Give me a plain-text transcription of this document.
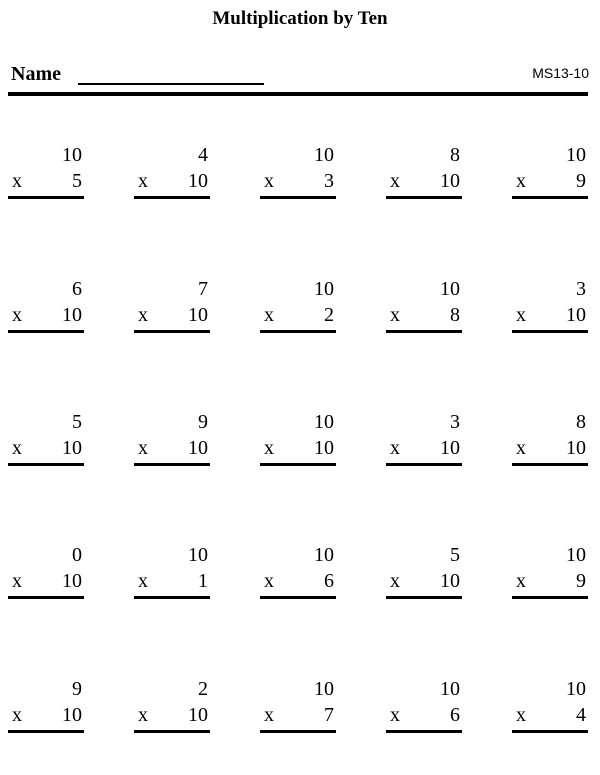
Multiplication by Ten
Name	MS13-10
10
x	5
4
x 10
10
x	3
8
x 10
10
x	9
6
x 10
7
x 10
10
x	2
10
x	8
3
x 10
5
x 10
9
x 10
10
x 10
3
x 10
8
x 10
0
x 10
10
x	1
10
x	6
5
x 10
10
x	9
9
x 10
2
x 10
10
x	7
10
x	6
10
x	4
